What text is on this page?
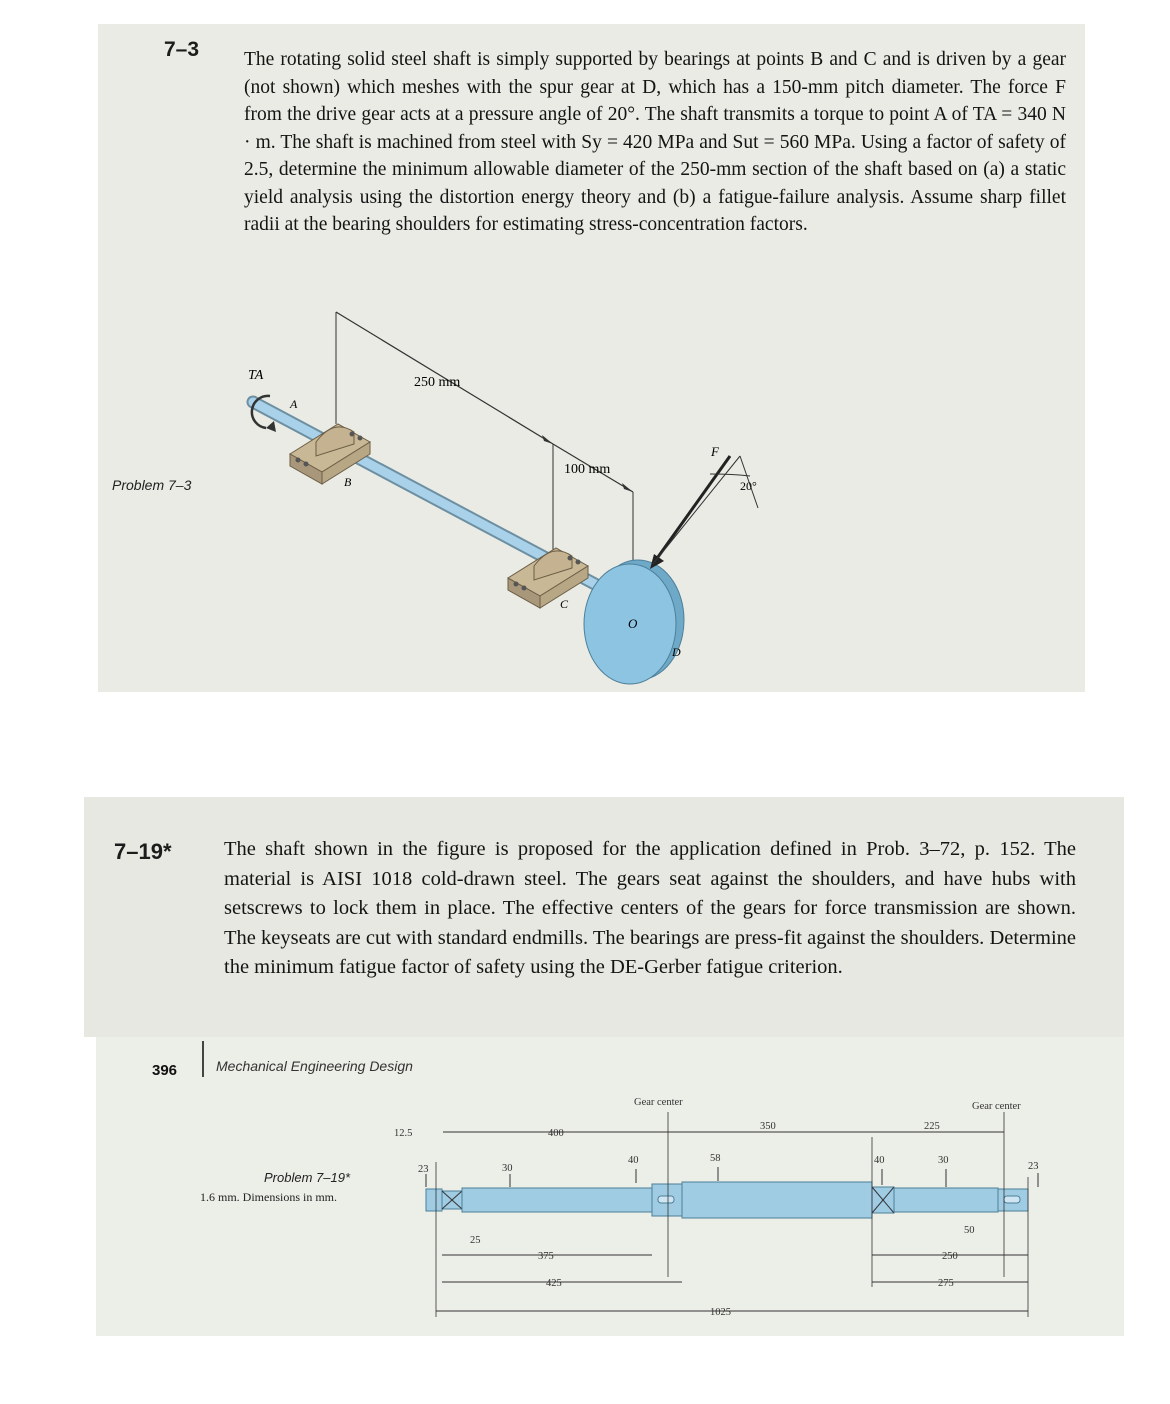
7–3 The rotating solid steel shaft is simply supported by bearings at points B and C and is driven by a gear (not shown) which meshes with the spur gear at D, which has a 150-mm pitch diameter. The force F from the drive gear acts at a pressure angle of 20°. The shaft transmits a torque to point A of TA = 340 N · m. The shaft is machined from steel with Sy = 420 MPa and Sut = 560 MPa. Using a factor of safety of 2.5, determine the minimum allowable diameter of the 250-mm section of the shaft based on (a) a static yield analysis using the distortion energy theory and (b) a fatigue-failure analysis. Assume sharp fillet radii at the bearing shoulders for estimating stress-concentration factors.
Problem 7–3
TA	250 mm
100 mm
20°
F
A
B
C
D
O
7–19*	The shaft shown in the figure is proposed for the application defined in Prob. 3–72, p. 152. The material is AISI 1018 cold-drawn steel. The gears seat against the shoulders, and have hubs with setscrews to lock them in place. The effective centers of the gears for force transmission are shown. The keyseats are cut with standard endmills. The bearings are press-fit against the shoulders. Determine the minimum fatigue factor of safety using the DE-Gerber fatigue criterion.
396	Mechanical Engineering Design
Problem 7–19*
1.6 mm. Dimensions in mm.
Gear center	Gear center
12.5	400
350	225
23	30
40	58	40	30
23
25
50
375
425
250
275
1025
